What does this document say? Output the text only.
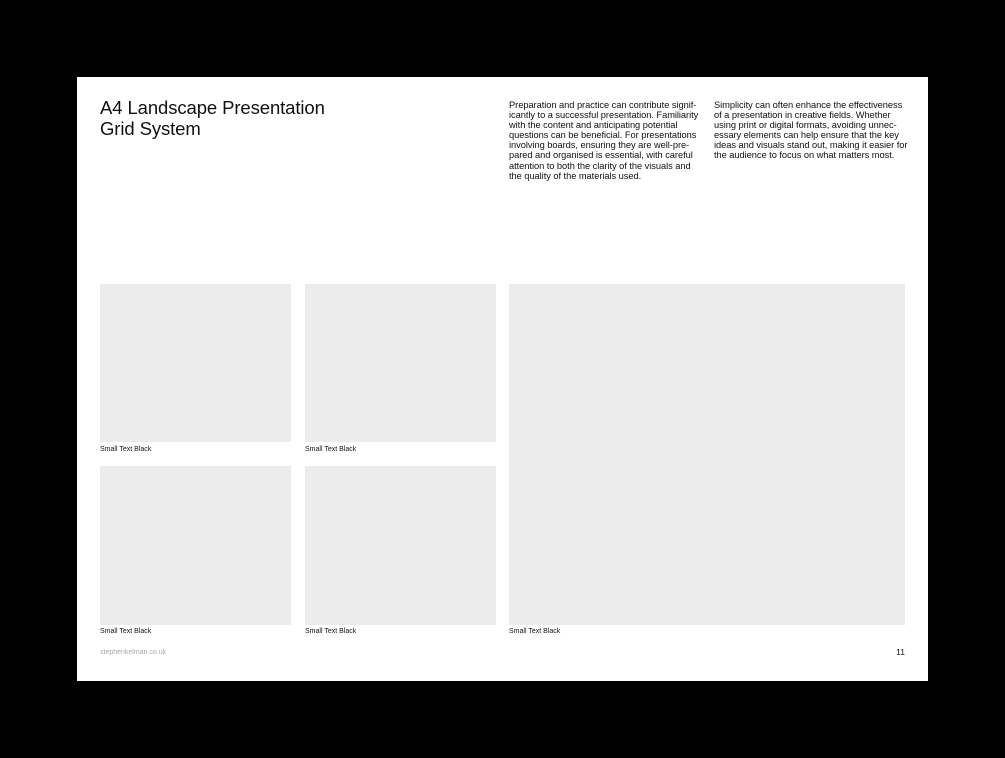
A4 Landscape Presentation
Grid System

Preparation and practice can contribute signif-
icantly to a successful presentation. Familiarity
with the content and anticipating potential
questions can be beneficial. For presentations
involving boards, ensuring they are well-pre-
pared and organised is essential, with careful
attention to both the clarity of the visuals and
the quality of the materials used.

Simplicity can often enhance the effectiveness
of a presentation in creative fields. Whether
using print or digital formats, avoiding unnec-
essary elements can help ensure that the key
ideas and visuals stand out, making it easier for
the audience to focus on what matters most.

Small Text Black	Small Text Black
Small Text Black	Small Text Black	Small Text Black
stephenkelman.co.uk	11
